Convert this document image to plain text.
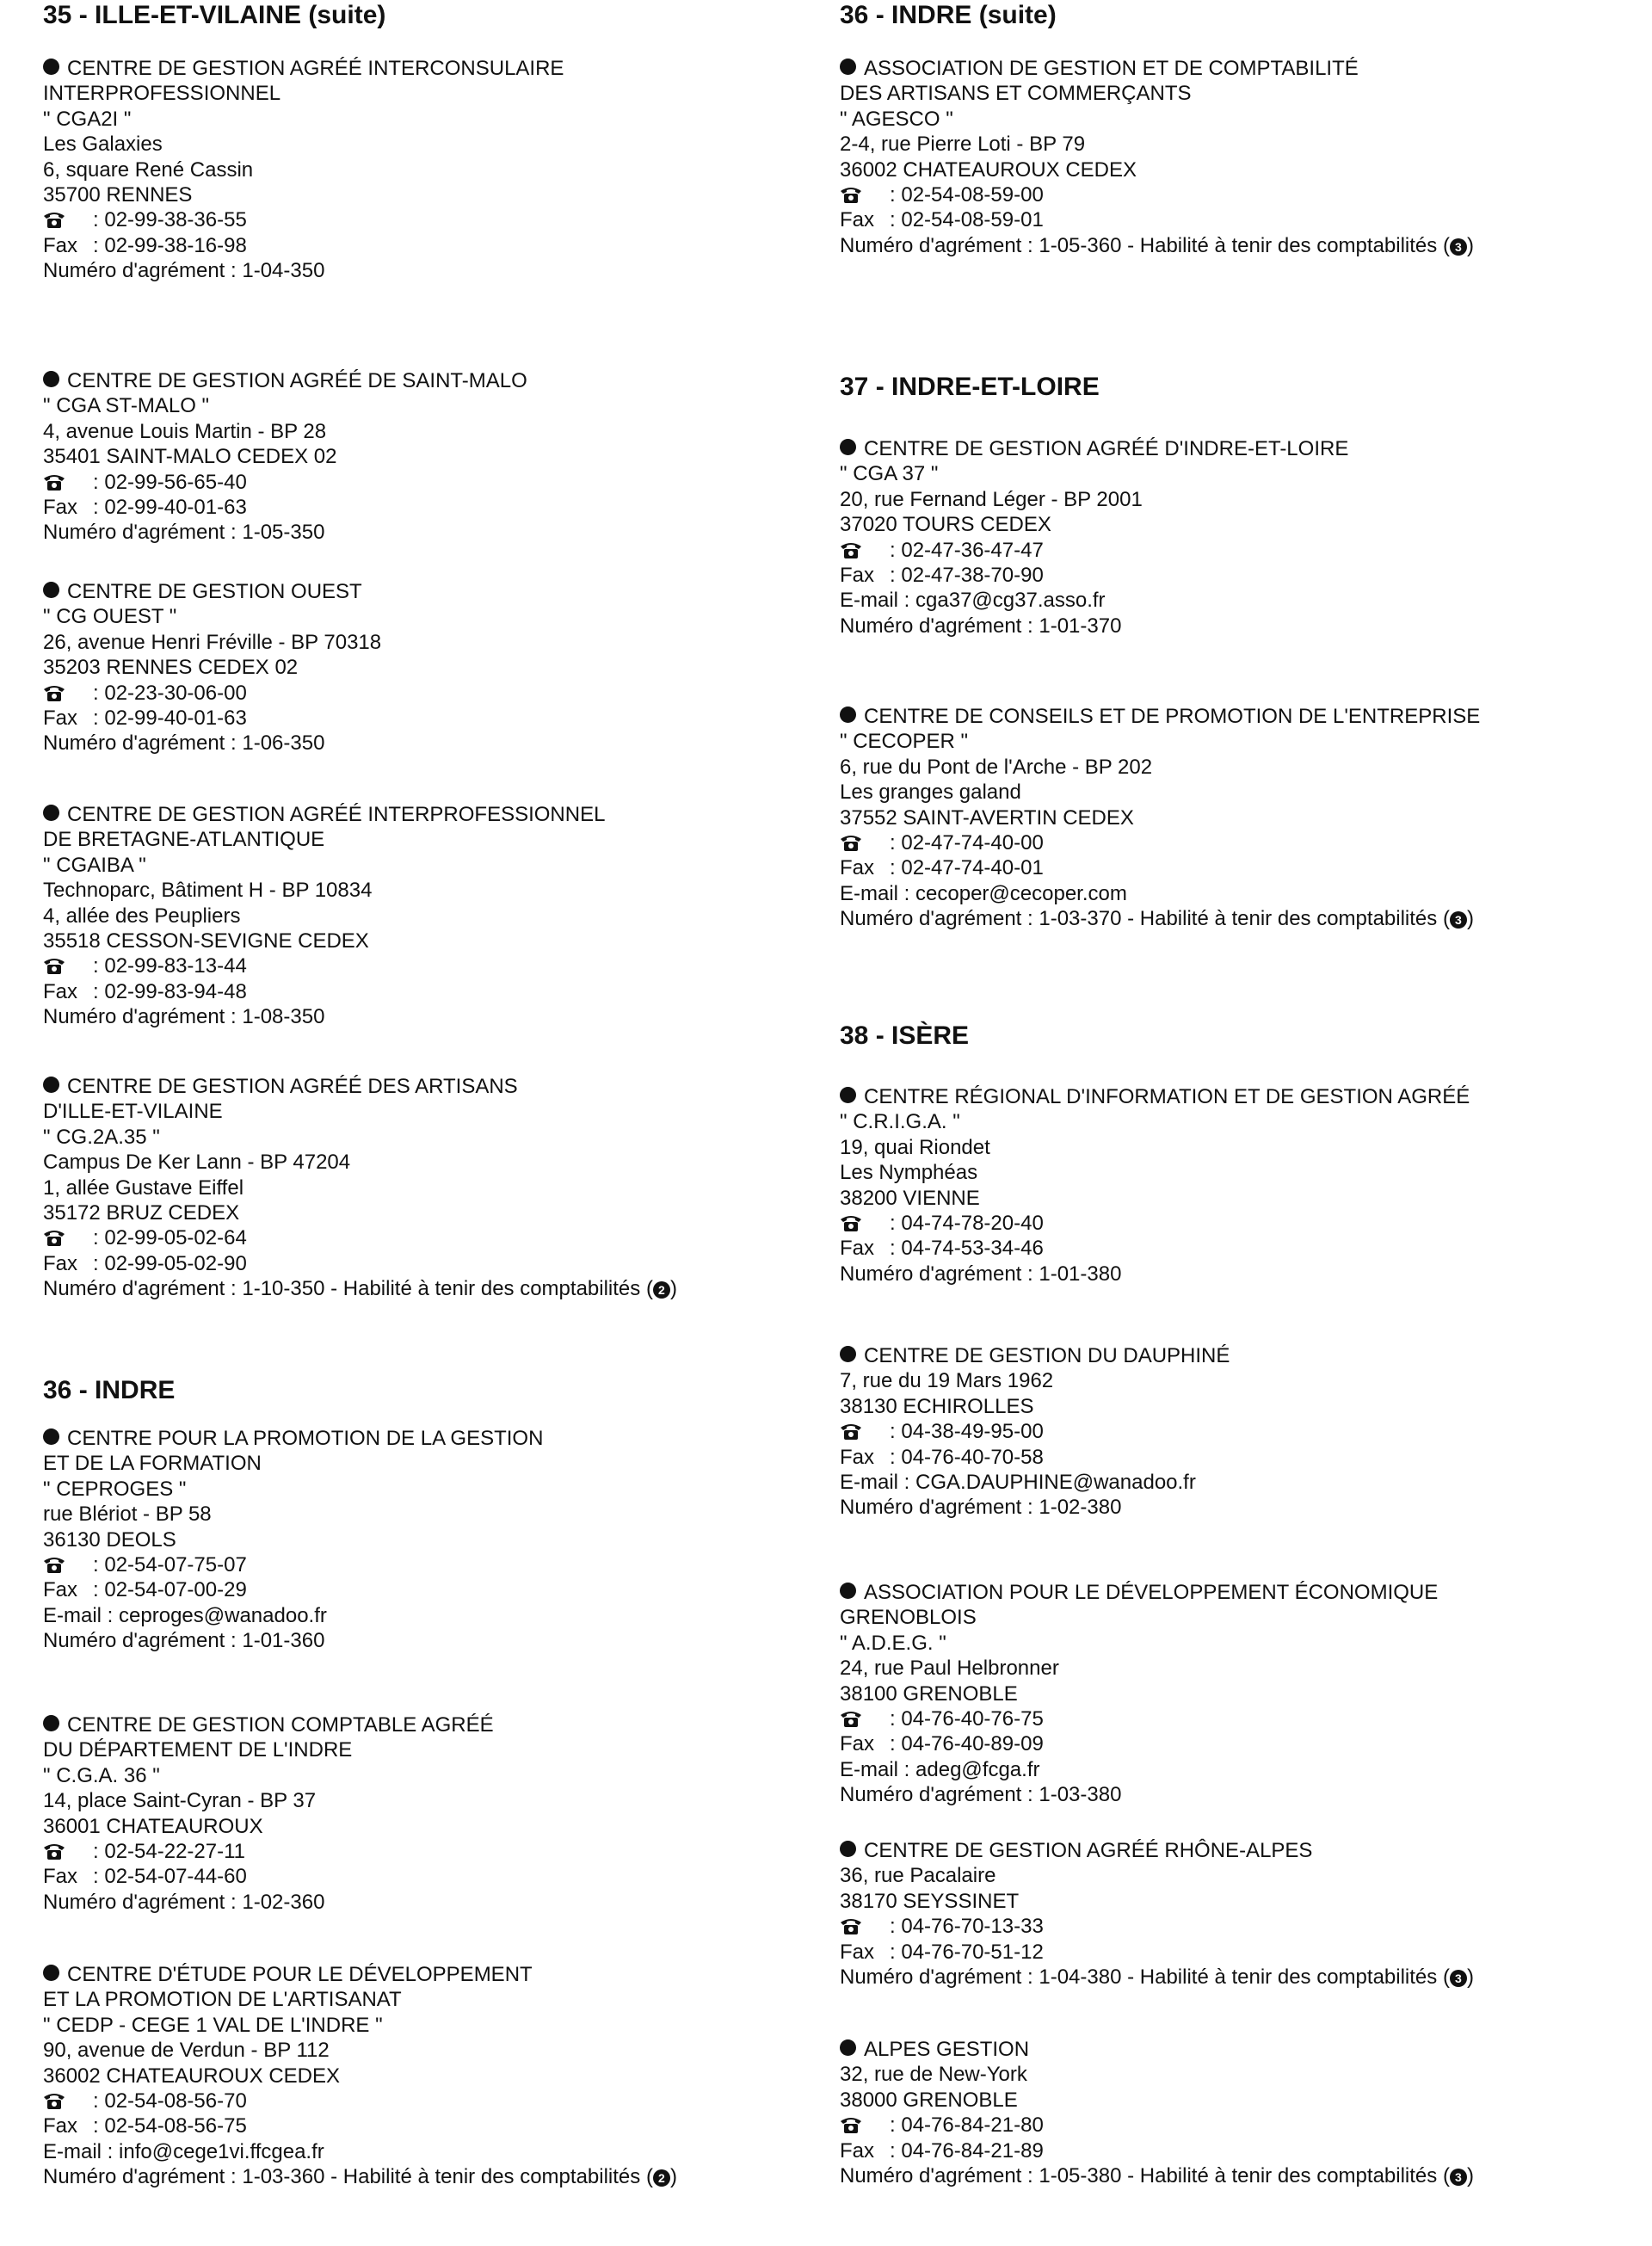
35 - ILLE-ET-VILAINE (suite)
CENTRE DE GESTION AGRÉÉ INTERCONSULAIRE
INTERPROFESSIONNEL
" CGA2I "
Les Galaxies
6, square René Cassin
35700 RENNES
: 02-99-38-36-55
Fax : 02-99-38-16-98
Numéro d'agrément : 1-04-350
CENTRE DE GESTION AGRÉÉ DE SAINT-MALO
" CGA ST-MALO "
4, avenue Louis Martin - BP 28
35401 SAINT-MALO CEDEX 02
: 02-99-56-65-40
Fax : 02-99-40-01-63
Numéro d'agrément : 1-05-350
CENTRE DE GESTION OUEST
" CG OUEST "
26, avenue Henri Fréville - BP 70318
35203 RENNES CEDEX 02
: 02-23-30-06-00
Fax : 02-99-40-01-63
Numéro d'agrément : 1-06-350
CENTRE DE GESTION AGRÉÉ INTERPROFESSIONNEL
DE BRETAGNE-ATLANTIQUE
" CGAIBA "
Technoparc, Bâtiment H - BP 10834
4, allée des Peupliers
35518 CESSON-SEVIGNE CEDEX
: 02-99-83-13-44
Fax : 02-99-83-94-48
Numéro d'agrément : 1-08-350
CENTRE DE GESTION AGRÉÉ DES ARTISANS
D'ILLE-ET-VILAINE
" CG.2A.35 "
Campus De Ker Lann - BP 47204
1, allée Gustave Eiffel
35172 BRUZ CEDEX
: 02-99-05-02-64
Fax : 02-99-05-02-90
Numéro d'agrément : 1-10-350 - Habilité à tenir des comptabilités ( 2 )
36 - INDRE
CENTRE POUR LA PROMOTION DE LA GESTION
ET DE LA FORMATION
" CEPROGES "
rue Blériot - BP 58
36130 DEOLS
: 02-54-07-75-07
Fax : 02-54-07-00-29
E-mail : ceproges@wanadoo.fr
Numéro d'agrément : 1-01-360
CENTRE DE GESTION COMPTABLE AGRÉÉ
DU DÉPARTEMENT DE L'INDRE
" C.G.A. 36 "
14, place Saint-Cyran - BP 37
36001 CHATEAUROUX
: 02-54-22-27-11
Fax : 02-54-07-44-60
Numéro d'agrément : 1-02-360
CENTRE D'ÉTUDE POUR LE DÉVELOPPEMENT
ET LA PROMOTION DE L'ARTISANAT
" CEDP - CEGE 1 VAL DE L'INDRE "
90, avenue de Verdun - BP 112
36002 CHATEAUROUX CEDEX
: 02-54-08-56-70
Fax : 02-54-08-56-75
E-mail : info@cege1vi.ffcgea.fr
Numéro d'agrément : 1-03-360 - Habilité à tenir des comptabilités ( 2 )
36 - INDRE (suite)
ASSOCIATION DE GESTION ET DE COMPTABILITÉ
DES ARTISANS ET COMMERÇANTS
" AGESCO "
2-4, rue Pierre Loti - BP 79
36002 CHATEAUROUX CEDEX
: 02-54-08-59-00
Fax : 02-54-08-59-01
Numéro d'agrément : 1-05-360 - Habilité à tenir des comptabilités ( 3 )
37 - INDRE-ET-LOIRE
CENTRE DE GESTION AGRÉÉ D'INDRE-ET-LOIRE
" CGA 37 "
20, rue Fernand Léger - BP 2001
37020 TOURS CEDEX
: 02-47-36-47-47
Fax : 02-47-38-70-90
E-mail : cga37@cg37.asso.fr
Numéro d'agrément : 1-01-370
CENTRE DE CONSEILS ET DE PROMOTION DE L'ENTREPRISE
" CECOPER "
6, rue du Pont de l'Arche - BP 202
Les granges galand
37552 SAINT-AVERTIN CEDEX
: 02-47-74-40-00
Fax : 02-47-74-40-01
E-mail : cecoper@cecoper.com
Numéro d'agrément : 1-03-370 - Habilité à tenir des comptabilités ( 3 )
38 - ISÈRE
CENTRE RÉGIONAL D'INFORMATION ET DE GESTION AGRÉÉ
" C.R.I.G.A. "
19, quai Riondet
Les Nymphéas
38200 VIENNE
: 04-74-78-20-40
Fax : 04-74-53-34-46
Numéro d'agrément : 1-01-380
CENTRE DE GESTION DU DAUPHINÉ
7, rue du 19 Mars 1962
38130 ECHIROLLES
: 04-38-49-95-00
Fax : 04-76-40-70-58
E-mail : CGA.DAUPHINE@wanadoo.fr
Numéro d'agrément : 1-02-380
ASSOCIATION POUR LE DÉVELOPPEMENT ÉCONOMIQUE
GRENOBLOIS
" A.D.E.G. "
24, rue Paul Helbronner
38100 GRENOBLE
: 04-76-40-76-75
Fax : 04-76-40-89-09
E-mail : adeg@fcga.fr
Numéro d'agrément : 1-03-380
CENTRE DE GESTION AGRÉÉ RHÔNE-ALPES
36, rue Pacalaire
38170 SEYSSINET
: 04-76-70-13-33
Fax : 04-76-70-51-12
Numéro d'agrément : 1-04-380 - Habilité à tenir des comptabilités ( 3 )
ALPES GESTION
32, rue de New-York
38000 GRENOBLE
: 04-76-84-21-80
Fax : 04-76-84-21-89
Numéro d'agrément : 1-05-380 - Habilité à tenir des comptabilités ( 3 )
